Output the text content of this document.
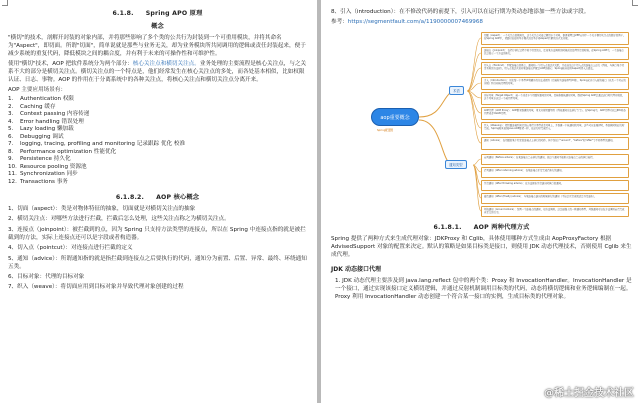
6.1.8. Spring APO 原理
概念

"横切"的技术，剖解开封装的对象内部，并将那些影响了多个类的公共行为封装到一个可重用模块，并将其命名为"Aspect"，即切面。所谓"切面"，简单说就是那些与业务无关，却为业务模块所共同调用的逻辑或责任封装起来，便于减少系统的重复代码，降低模块之间的耦合度，并有利于未来的可操作性和可维护性。

使用"横切"技术，AOP 把软件系统分为两个部分：核心关注点和横切关注点。业务处理的主要流程是核心关注点，与之关系不大的部分是横切关注点。横切关注点的一个特点是，他们经常发生在核心关注点的多处，而各处基本相似，比如权限认证、日志、事物。AOP 的作用在于分离系统中的各种关注点，将核心关注点和横切关注点分离开来。

AOP 主要应用场景有：

1. Authentication 权限
2. Caching 缓存
3. Context passing 内容传递
4. Error handling 错误处理
5. Lazy loading 懒加载
6. Debugging 调试
7. logging, tracing, profiling and monitoring 记录跟踪 优化 校准
8. Performance optimization 性能优化
9. Persistence 持久化
10. Resource pooling 资源池
11. Synchronization 同步
12. Transactions 事务
6.1.8.2. AOP 核心概念

1、切面（aspect）：类是对物体特征的抽象，切面就是对横切关注点的抽象

2、横切关注点：对哪些方法进行拦截，拦截后怎么处理，这些关注点称之为横切关注点。

3、连接点（joinpoint）：被拦截到的点，因为 Spring 只支持方法类型的连接点，所以在 Spring 中连接点指的就是被拦截到的方法，实际上连接点还可以是字段或者构造器。

4、切入点（pointcut）：对连接点进行拦截的定义

5、通知（advice）：所谓通知指的就是指拦截到连接点之后要执行的代码，通知分为前置、后置、异常、最终、环绕通知五类。

6、目标对象：代理的目标对象

7、织入（weave）：将切面应用到目标对象并导致代理对象创建的过程

8、引入（introduction）：在不修改代码的前提下，引入可以在运行期为类动态地添加一些方法或字段。

参考：https://segmentfault.com/a/1190000007469968

aop重要概念
术语
通知类型
Spring配置图
切面（Aspect）：一个关注点的模块化，这个关注点可能会横切多个对象。事务管理是J2EE应用中一个关于横切关注点的很好的例子。在Spring AOP中，切面可以使用基于模式或者基于@Aspect注解的方式来实现。
连接点（Joinpoint）：在程序执行过程中某个特定的点，比如某方法调用的时候或者处理异常的时候。在Spring AOP中，一个连接点总是表示一个方法的执行。
切入点（Pointcut）：匹配连接点的断言。通知和一个切入点表达式关联，并在满足这个切入点的连接点上运行（例如，当执行某个特定名称的方法时）。切入点表达式如何和连接点匹配是AOP的核心：Spring缺省使用AspectJ切入点语法。
引入（Introduction）：用来给一个类型声明额外的方法或属性（也被称为连接类型声明）。Spring允许引入新的接口（以及一个对应的实现）到任何被代理的对象。
目标对象（Target Object）：被一个或者多个切面所通知的对象。也被称做被通知对象。既然Spring AOP是通过运行时代理实现的，这个对象永远是一个被代理对象。
AOP代理（AOP Proxy）：AOP框架创建的对象，用来实现切面契约（例如通知方法执行等等）。在Spring中，AOP代理可以是JDK动态代理或者CGLIB代理。
织入（Weaving）：把切面连接到其它的应用程序类型或者对象上，并创建一个被通知的对象。这些可以在编译时，类加载时和运行时完成。Spring和其他纯Java AOP框架一样，在运行时完成织入。
通知（Advice）：在切面的某个特定的连接点上执行的动作。其中包括了"around"、"before"和"after"等不同类型的通知。
前置通知（Before advice）：在某连接点之前执行的通知，但这个通知不能阻止连接点之前的执行流程。
后置通知（After returning advice）：在某连接点正常完成后执行的通知。
异常通知（After throwing advice）：在方法抛出异常退出时执行的通知。
最终通知（After (finally) advice）：当某连接点退出的时候执行的通知（不论是正常返回还是异常退出）。
环绕通知（Around Advice）：包围一个连接点的通知，如方法调用。这是最强大的一种通知类型。环绕通知可以在方法调用前后完成自定义的行为。
6.1.8.1. AOP 两种代理方式

Spring 提供了两种方式来生成代理对象：JDKProxy 和 Cglib，具体使用哪种方式生成由 AopProxyFactory 根据 AdvisedSupport 对象的配置来决定。默认的策略是如果目标类是接口，则使用 JDK 动态代理技术，否则使用 Cglib 来生成代理。

JDK 动态接口代理

1. JDK 动态代理主要涉及到 java.lang.reflect 包中的两个类：Proxy 和 InvocationHandler。InvocationHandler 是一个接口，通过实现该接口定义横切逻辑，并通过反射机制调用目标类的代码，动态将横切逻辑和业务逻辑编制在一起。Proxy 利用 InvocationHandler 动态创建一个符合某一接口的实例，生成目标类的代理对象。

@稀土掘金技术社区
